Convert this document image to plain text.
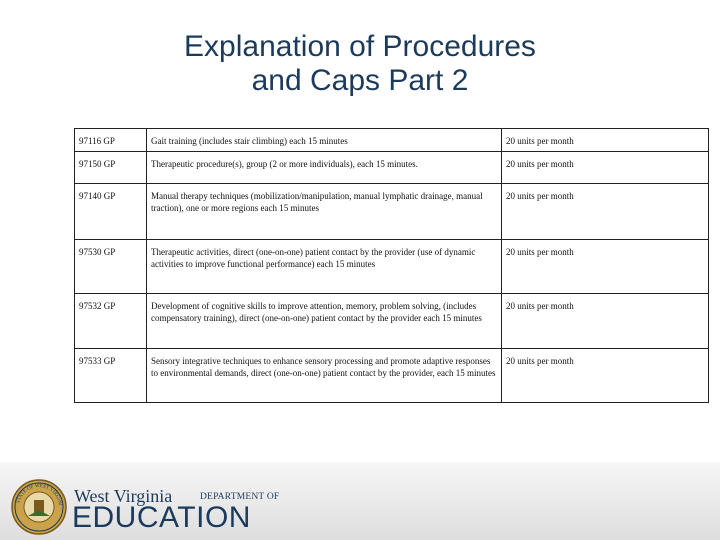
Explanation of Procedures
and Caps Part 2
97116 GP	Gait training (includes stair climbing) each 15 minutes	20 units per month
97150 GP	Therapeutic procedure(s), group (2 or more individuals), each 15 minutes.	20 units per month
97140 GP	Manual therapy techniques (mobilization/manipulation, manual lymphatic drainage, manual traction), one or more regions each 15 minutes	20 units per month
97530 GP	Therapeutic activities, direct (one-on-one) patient contact by the provider (use of dynamic activities to improve functional performance) each 15 minutes	20 units per month
97532 GP	Development of cognitive skills to improve attention, memory, problem solving, (includes compensatory training), direct (one-on-one) patient contact by the provider each 15 minutes	20 units per month
97533 GP	Sensory integrative techniques to enhance sensory processing and promote adaptive responses to environmental demands, direct (one-on-one) patient contact by the provider, each 15 minutes	20 units per month
STATE OF WEST VIRGINI West Virginia	DEPARTMENT OF
EDUCATION
